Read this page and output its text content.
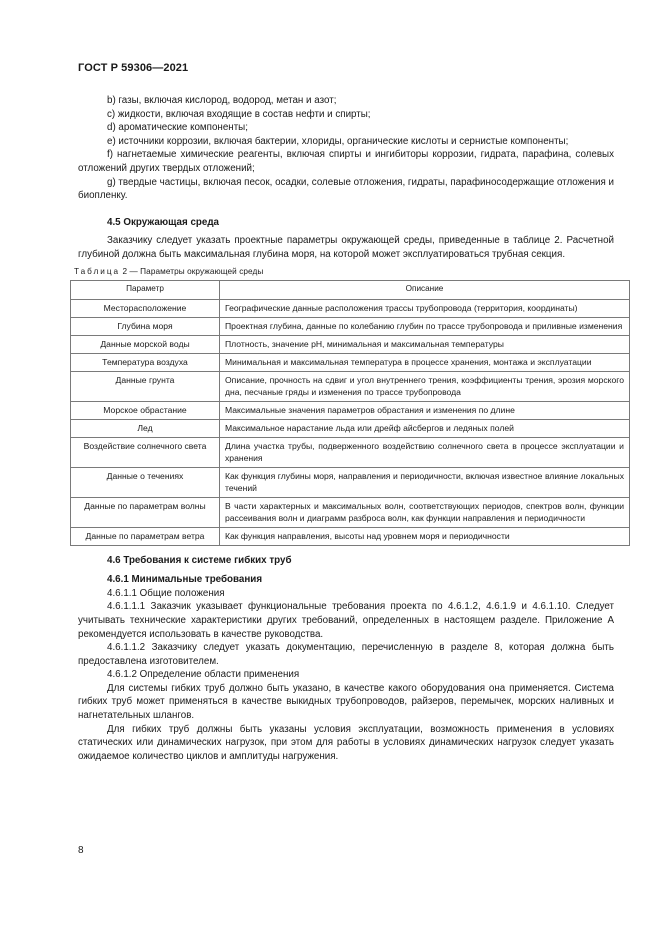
ГОСТ Р 59306—2021

b) газы, включая кислород, водород, метан и азот;

c) жидкости, включая входящие в состав нефти и спирты;

d) ароматические компоненты;

e) источники коррозии, включая бактерии, хлориды, органические кислоты и сернистые компоненты;

f) нагнетаемые химические реагенты, включая спирты и ингибиторы коррозии, гидрата, парафина, солевых отложений других твердых отложений;

g) твердые частицы, включая песок, осадки, солевые отложения, гидраты, парафиносодержащие отложения и биопленку.

4.5 Окружающая среда

Заказчику следует указать проектные параметры окружающей среды, приведенные в таблице 2. Расчетной глубиной должна быть максимальная глубина моря, на которой может эксплуатироваться трубная секция.

Таблица 2 — Параметры окружающей среды
Параметр	Описание
Месторасположение	Географические данные расположения трассы трубопровода (территория, координаты)
Глубина моря	Проектная глубина, данные по колебанию глубин по трассе трубопровода и приливные изменения
Данные морской воды	Плотность, значение pH, минимальная и максимальная температуры
Температура воздуха	Минимальная и максимальная температура в процессе хранения, монтажа и эксплуатации
Данные грунта	Описание, прочность на сдвиг и угол внутреннего трения, коэффициенты трения, эрозия морского дна, песчаные гряды и изменения по трассе трубопровода
Морское обрастание	Максимальные значения параметров обрастания и изменения по длине
Лед	Максимальное нарастание льда или дрейф айсбергов и ледяных полей
Воздействие солнечного света	Длина участка трубы, подверженного воздействию солнечного света в процессе эксплуатации и хранения
Данные о течениях	Как функция глубины моря, направления и периодичности, включая известное влияние локальных течений
Данные по параметрам волны	В части характерных и максимальных волн, соответствующих периодов, спектров волн, функции рассеивания волн и диаграмм разброса волн, как функции направления и периодичности
Данные по параметрам ветра	Как функция направления, высоты над уровнем моря и периодичности
4.6 Требования к системе гибких труб
4.6.1 Минимальные требования

4.6.1.1 Общие положения

4.6.1.1.1 Заказчик указывает функциональные требования проекта по 4.6.1.2, 4.6.1.9 и 4.6.1.10. Следует учитывать технические характеристики других требований, определенных в настоящем разделе. Приложение А рекомендуется использовать в качестве руководства.

4.6.1.1.2 Заказчику следует указать документацию, перечисленную в разделе 8, которая должна быть предоставлена изготовителем.

4.6.1.2 Определение области применения

Для системы гибких труб должно быть указано, в качестве какого оборудования она применяется. Система гибких труб может применяться в качестве выкидных трубопроводов, райзеров, перемычек, морских наливных и нагнетательных шлангов.

Для гибких труб должны быть указаны условия эксплуатации, возможность применения в условиях статических или динамических нагрузок, при этом для работы в условиях динамических нагрузок следует указать ожидаемое количество циклов и амплитуды нагружения.

8
